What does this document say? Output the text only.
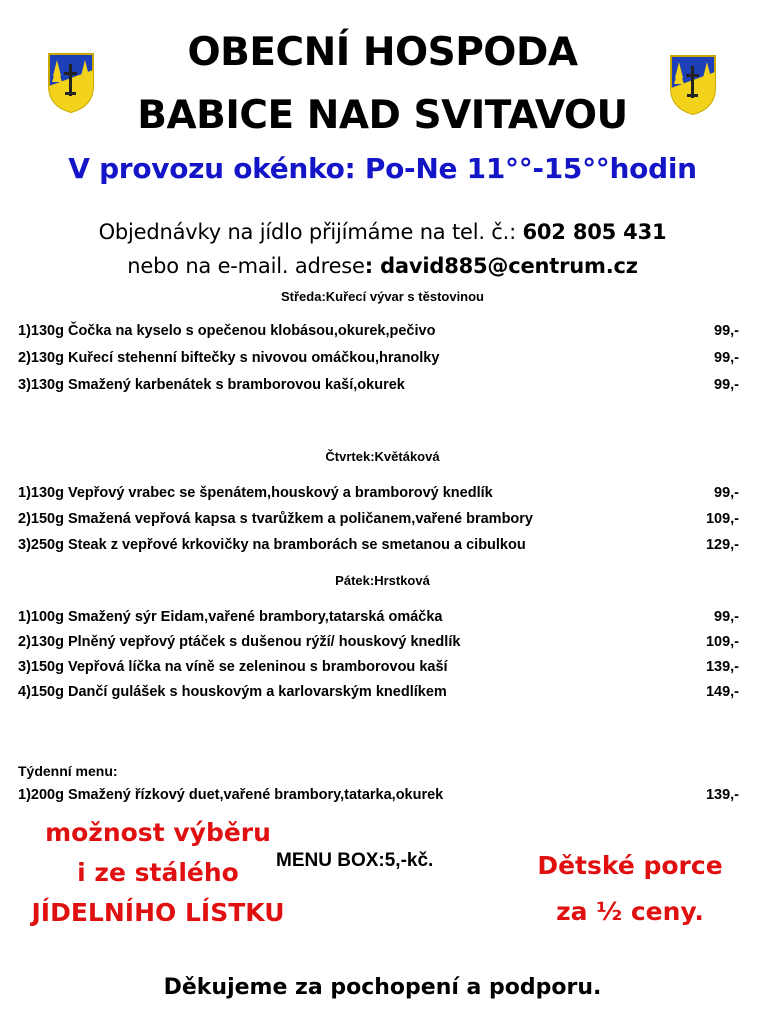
OBECNÍ HOSPODA
BABICE NAD SVITAVOU
V provozu okénko: Po-Ne 11°°-15°°hodin
Objednávky na jídlo přijímáme na tel. č.: 602 805 431
nebo na e-mail. adrese: david885@centrum.cz
Středa:Kuřecí vývar s těstovinou
1)130g Čočka na kyselo s opečenou klobásou,okurek,pečivo	99,-
2)130g Kuřecí stehenní biftečky s nivovou omáčkou,hranolky	99,-
3)130g Smažený karbenátek s bramborovou kaší,okurek	99,-
Čtvrtek:Květáková
1)130g Vepřový vrabec se špenátem,houskový a bramborový knedlík	99,-
2)150g Smažená vepřová kapsa s tvarůžkem a poličanem,vařené brambory	109,-
3)250g Steak z vepřové krkovičky na bramborách se smetanou a cibulkou	129,-
Pátek:Hrstková
1)100g Smažený sýr Eidam,vařené brambory,tatarská omáčka	99,-
2)130g Plněný vepřový ptáček s dušenou rýží/ houskový knedlík	109,-
3)150g Vepřová líčka na víně se zeleninou s bramborovou kaší	139,-
4)150g Dančí gulášek s houskovým a karlovarským knedlíkem	149,-
Týdenní menu:
1)200g Smažený řízkový duet,vařené brambory,tatarka,okurek	139,-
možnost výběru
i ze stálého
JÍDELNÍHO LÍSTKU
MENU BOX:5,-kč.	Dětské porce
za ½ ceny.
Děkujeme za pochopení a podporu.
